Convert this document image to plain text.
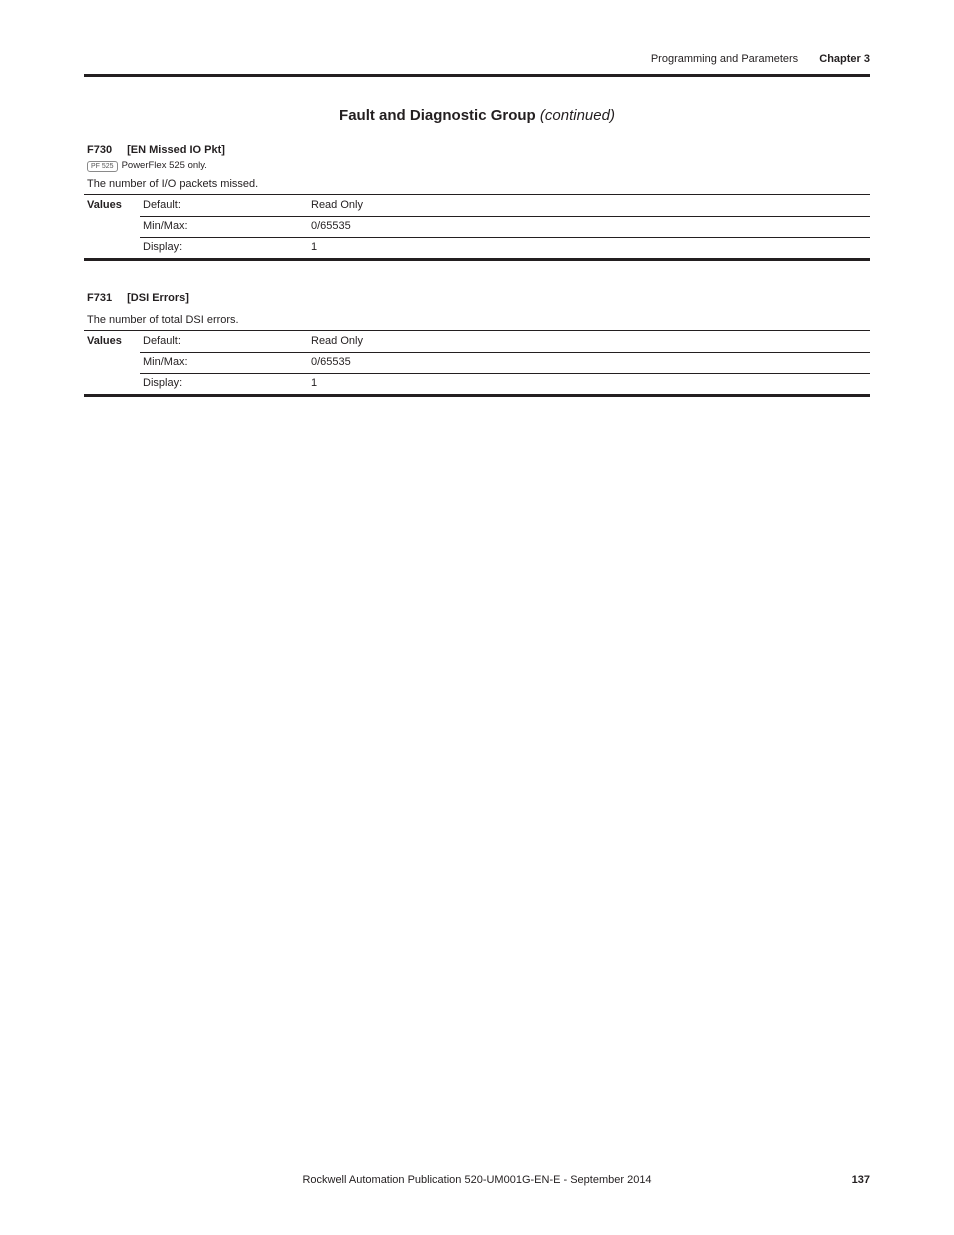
Programming and Parameters Chapter 3
Fault and Diagnostic Group (continued)
F730 [EN Missed IO Pkt]
PF 525 PowerFlex 525 only.
The number of I/O packets missed.
Values Default:	Read Only
Min/Max:	0/65535
Display:	1
F731 [DSI Errors]
The number of total DSI errors.
Values Default:	Read Only
Min/Max:	0/65535
Display:	1
Rockwell Automation Publication 520-UM001G-EN-E - September 2014	137
